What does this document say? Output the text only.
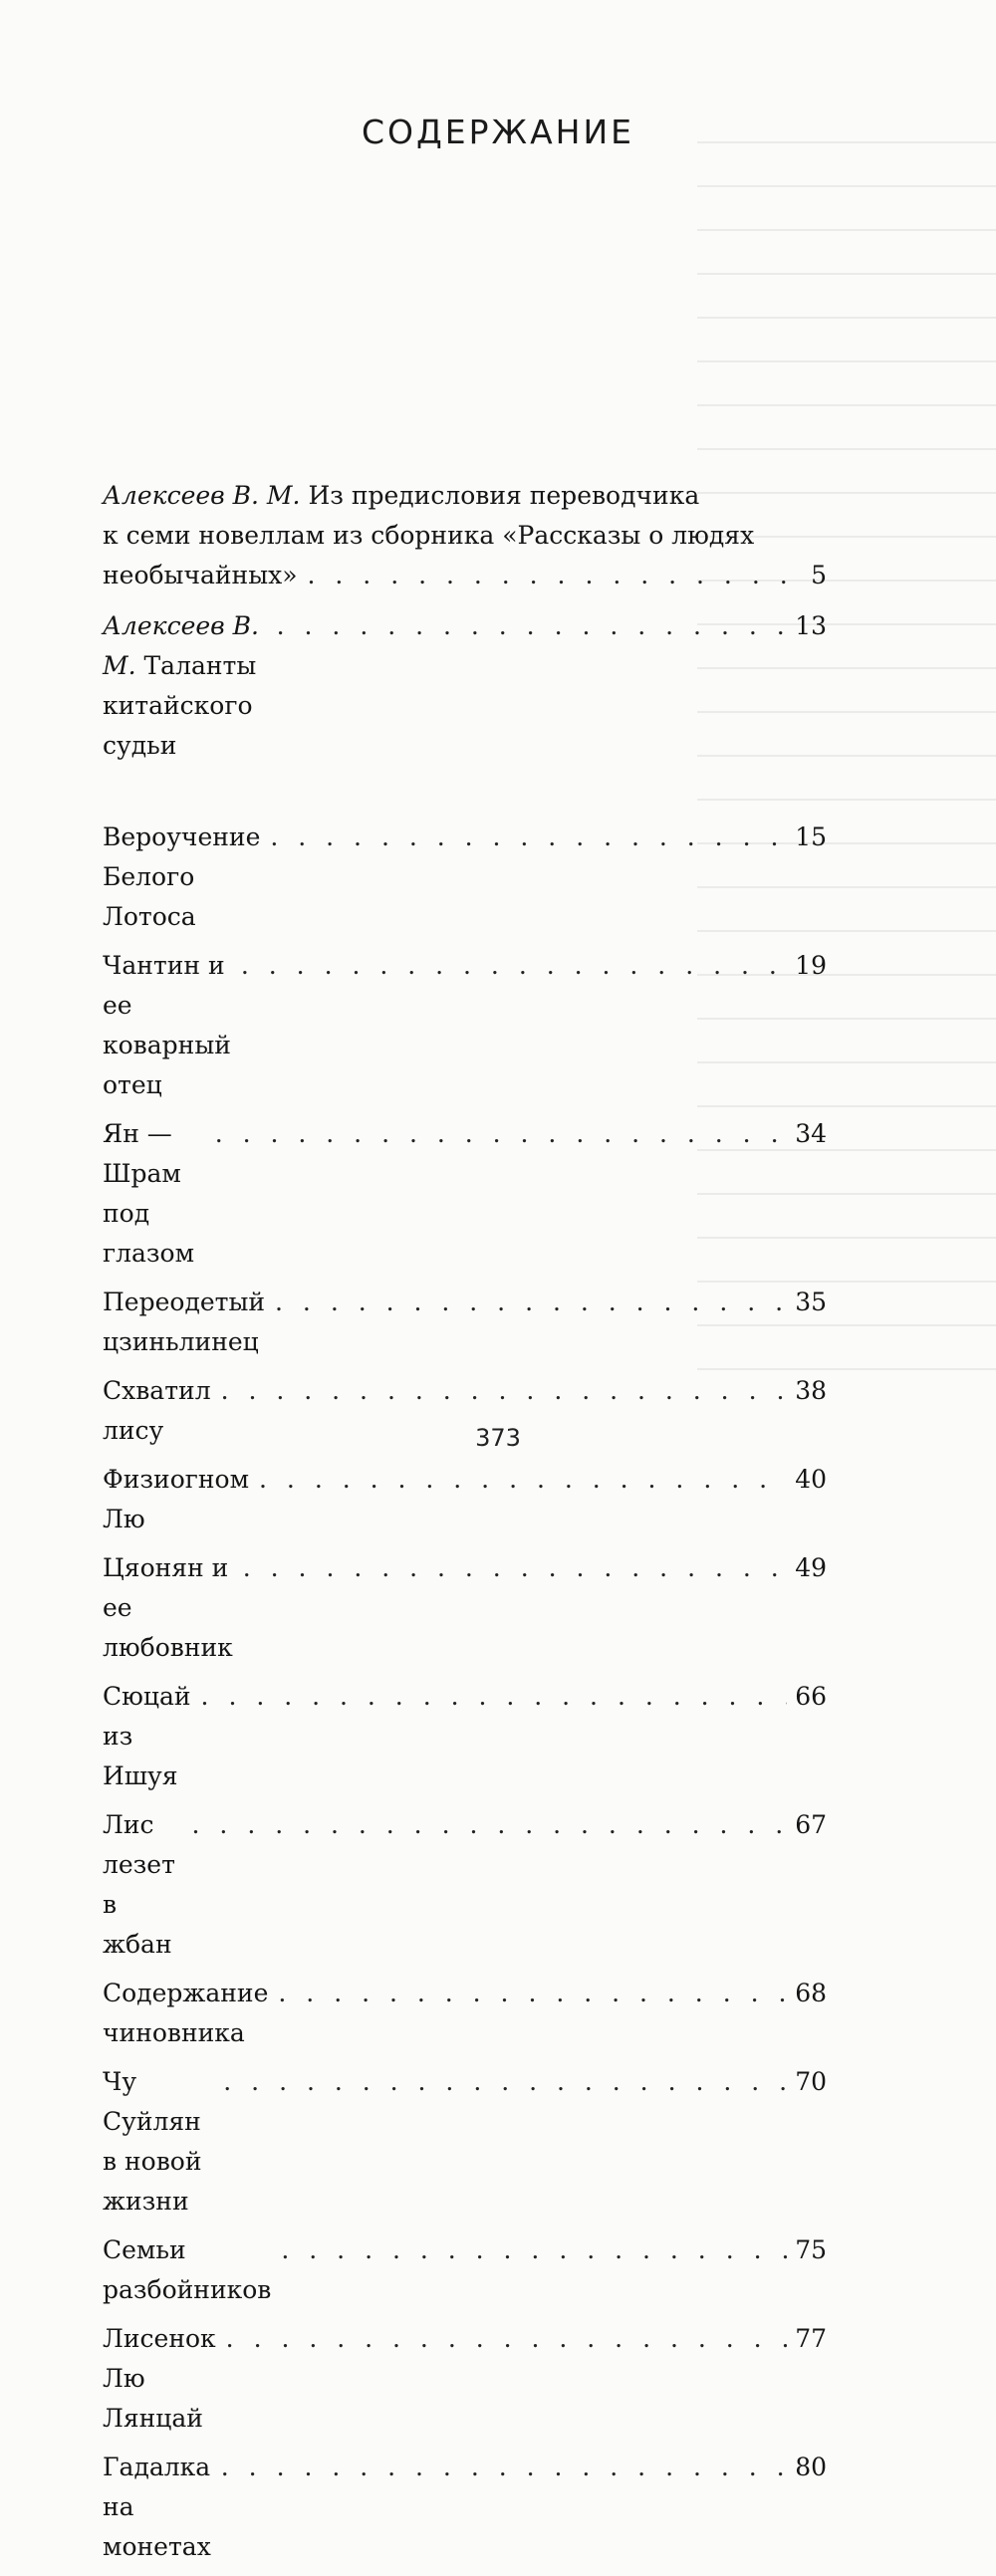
СОДЕРЖАНИЕ
Алексеев В. М. Из предисловия переводчика
к семи новеллам из сборника «Рассказы о людях
необычайных»
. . .	5
Алексеев В. М. Таланты китайского судьи
. . .
13
Вероучение Белого Лотоса
. . .
15
Чантин и ее коварный отец
. . .
19
Ян — Шрам под глазом
. . .
34
Переодетый цзиньлинец
. . .
35
Схватил лису
. . .
38
Физиогном Лю
. . .
40
Цяонян и ее любовник
. . .
49
Сюцай из Ишуя
. . .
66
Лис лезет в жбан
. . .
67
Содержание чиновника
. . .
68
Чу Суйлян в новой жизни
. . .
70
Семьи разбойников
. . .
75
Лисенок Лю Лянцай
. . .
77
Гадалка на монетах
. . .
80
373
